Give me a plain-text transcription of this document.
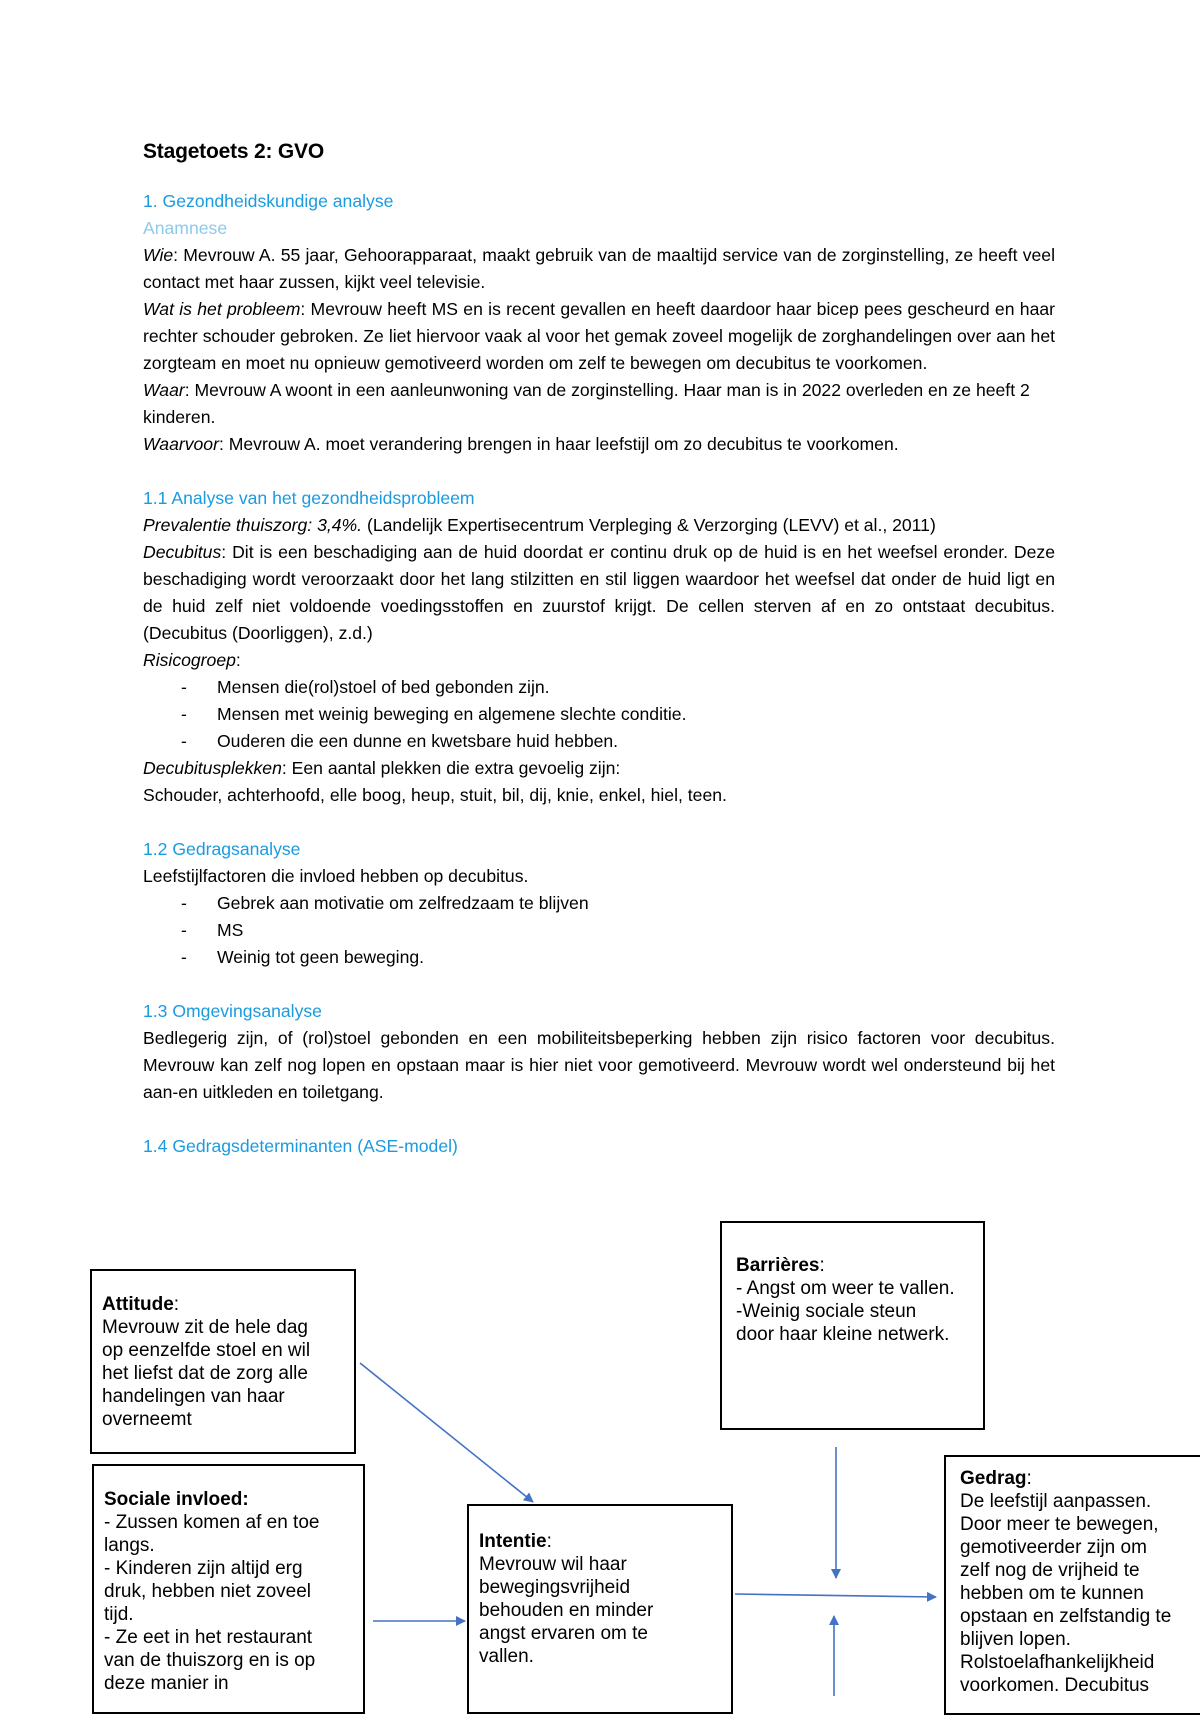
Stagetoets 2: GVO

1. Gezondheidskundige analyse

Anamnese

Wie: Mevrouw A. 55 jaar, Gehoorapparaat, maakt gebruik van de maaltijd service van de zorginstelling, ze heeft veel contact met haar zussen, kijkt veel televisie.

Wat is het probleem: Mevrouw heeft MS en is recent gevallen en heeft daardoor haar bicep pees gescheurd en haar rechter schouder gebroken. Ze liet hiervoor vaak al voor het gemak zoveel mogelijk de zorghandelingen over aan het zorgteam en moet nu opnieuw gemotiveerd worden om zelf te bewegen om decubitus te voorkomen.

Waar: Mevrouw A woont in een aanleunwoning van de zorginstelling. Haar man is in 2022 overleden en ze heeft 2 kinderen.

Waarvoor: Mevrouw A. moet verandering brengen in haar leefstijl om zo decubitus te voorkomen.

1.1 Analyse van het gezondheidsprobleem

Prevalentie thuiszorg: 3,4%. (Landelijk Expertisecentrum Verpleging & Verzorging (LEVV) et al., 2011)

Decubitus: Dit is een beschadiging aan de huid doordat er continu druk op de huid is en het weefsel eronder. Deze beschadiging wordt veroorzaakt door het lang stilzitten en stil liggen waardoor het weefsel dat onder de huid ligt en de huid zelf niet voldoende voedingsstoffen en zuurstof krijgt. De cellen sterven af en zo ontstaat decubitus. (Decubitus (Doorliggen), z.d.)

Risicogroep:

- Mensen die(rol)stoel of bed gebonden zijn.
- Mensen met weinig beweging en algemene slechte conditie.
- Ouderen die een dunne en kwetsbare huid hebben.

Decubitusplekken: Een aantal plekken die extra gevoelig zijn:

Schouder, achterhoofd, elle boog, heup, stuit, bil, dij, knie, enkel, hiel, teen.

1.2 Gedragsanalyse

Leefstijlfactoren die invloed hebben op decubitus.

- Gebrek aan motivatie om zelfredzaam te blijven
- MS
- Weinig tot geen beweging.

1.3 Omgevingsanalyse

Bedlegerig zijn, of (rol)stoel gebonden en een mobiliteitsbeperking hebben zijn risico factoren voor decubitus. Mevrouw kan zelf nog lopen en opstaan maar is hier niet voor gemotiveerd. Mevrouw wordt wel ondersteund bij het aan-en uitkleden en toiletgang.

1.4 Gedragsdeterminanten (ASE-model)

Attitude:
Mevrouw zit de hele dag
op eenzelfde stoel en wil
het liefst dat de zorg alle
handelingen van haar
overneemt
Sociale invloed:
- Zussen komen af en toe
langs.
- Kinderen zijn altijd erg
druk, hebben niet zoveel
tijd.
- Ze eet in het restaurant
van de thuiszorg en is op
deze manier in
Intentie:
Mevrouw wil haar
bewegingsvrijheid
behouden en minder
angst ervaren om te
vallen.
Barrières:
- Angst om weer te vallen.
-Weinig sociale steun
door haar kleine netwerk.
Gedrag:
De leefstijl aanpassen.
Door meer te bewegen,
gemotiveerder zijn om
zelf nog de vrijheid te
hebben om te kunnen
opstaan en zelfstandig te
blijven lopen.
Rolstoelafhankelijkheid
voorkomen. Decubitus
